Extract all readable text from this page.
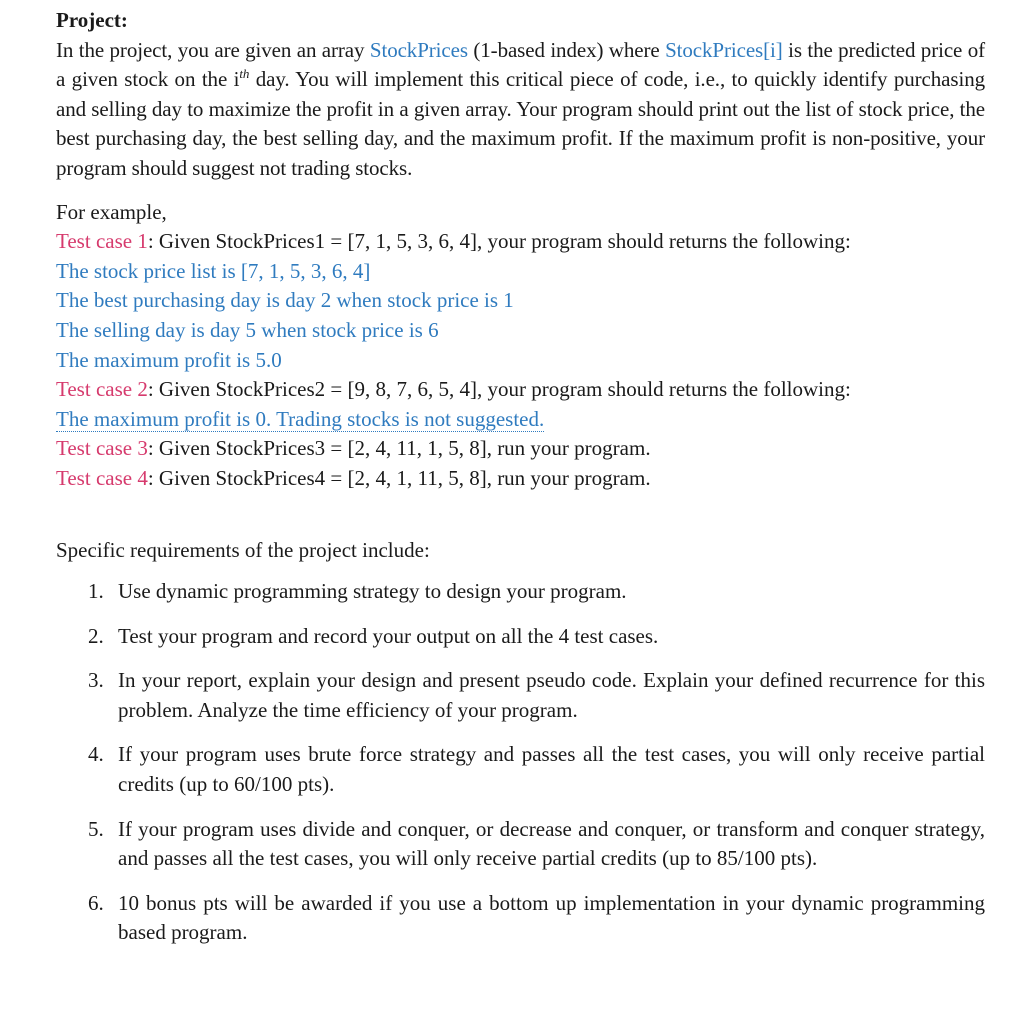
Project:

In the project, you are given an array StockPrices (1-based index) where StockPrices[i] is the predicted price of a given stock on the $i^{th}$ day. You will implement this critical piece of code, i.e., to quickly identify purchasing and selling day to maximize the profit in a given array. Your program should print out the list of stock price, the best purchasing day, the best selling day, and the maximum profit. If the maximum profit is non-positive, your program should suggest not trading stocks.

For example,

Test case 1: Given StockPrices1 = [7, 1, 5, 3, 6, 4], your program should returns the following:

The stock price list is [7, 1, 5, 3, 6, 4]

The best purchasing day is day 2 when stock price is 1

The selling day is day 5 when stock price is 6

The maximum profit is 5.0

Test case 2: Given StockPrices2 = [9, 8, 7, 6, 5, 4], your program should returns the following:

The maximum profit is 0. Trading stocks is not suggested.

Test case 3: Given StockPrices3 = [2, 4, 11, 1, 5, 8], run your program.

Test case 4: Given StockPrices4 = [2, 4, 1, 11, 5, 8], run your program.

Specific requirements of the project include:

1. Use dynamic programming strategy to design your program.
2. Test your program and record your output on all the 4 test cases.
3. In your report, explain your design and present pseudo code. Explain your defined recurrence for this problem. Analyze the time efficiency of your program.
4. If your program uses brute force strategy and passes all the test cases, you will only receive partial credits (up to 60/100 pts).
5. If your program uses divide and conquer, or decrease and conquer, or transform and conquer strategy, and passes all the test cases, you will only receive partial credits (up to 85/100 pts).
6. 10 bonus pts will be awarded if you use a bottom up implementation in your dynamic programming based program.
